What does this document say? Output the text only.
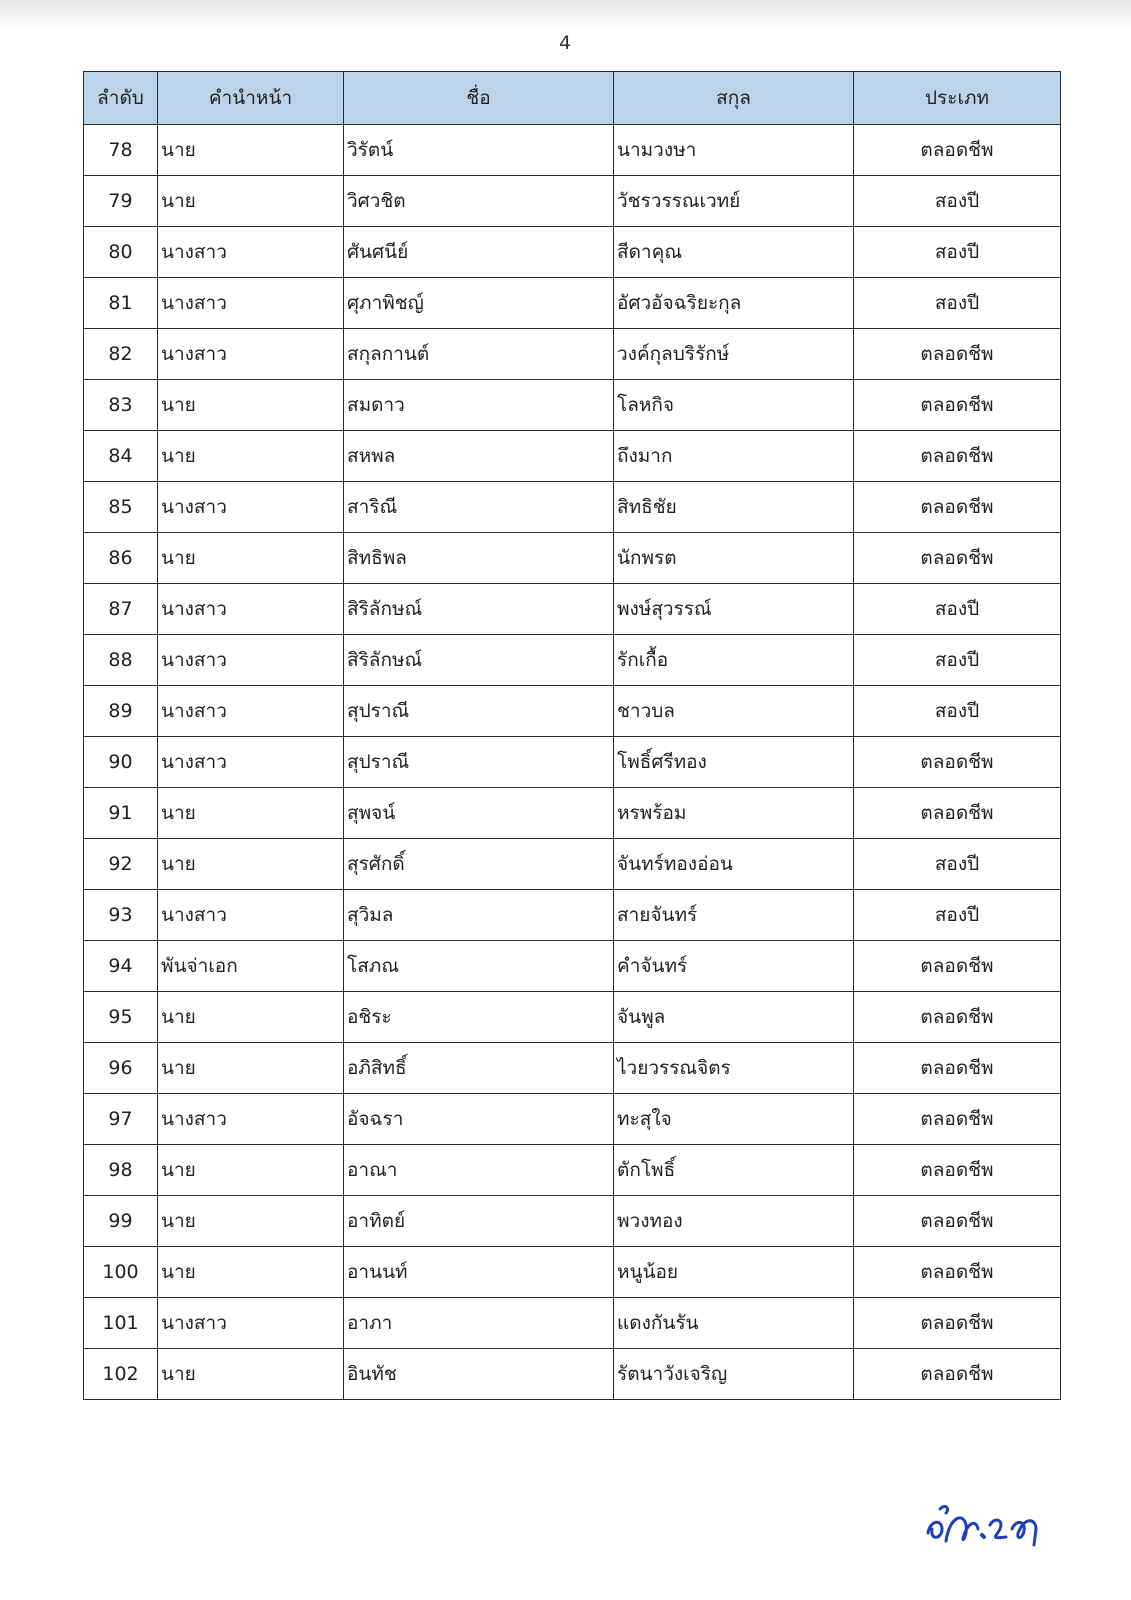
4
ลำดับ	คำนำหน้า	ชื่อ	สกุล	ประเภท
78	นาย	วิรัตน์	นามวงษา	ตลอดชีพ
79	นาย	วิศวชิต	วัชรวรรณเวทย์	สองปี
80	นางสาว	ศันศนีย์	สีดาคุณ	สองปี
81	นางสาว	ศุภาพิชญ์	อัศวอัจฉริยะกุล	สองปี
82	นางสาว	สกุลกานต์	วงค์กุลบริรักษ์	ตลอดชีพ
83	นาย	สมดาว	โลหกิจ	ตลอดชีพ
84	นาย	สหพล	ถึงมาก	ตลอดชีพ
85	นางสาว	สาริณี	สิทธิชัย	ตลอดชีพ
86	นาย	สิทธิพล	นักพรต	ตลอดชีพ
87	นางสาว	สิริลักษณ์	พงษ์สุวรรณ์	สองปี
88	นางสาว	สิริลักษณ์	รักเกื้อ	สองปี
89	นางสาว	สุปราณี	ชาวบล	สองปี
90	นางสาว	สุปราณี	โพธิ์ศรีทอง	ตลอดชีพ
91	นาย	สุพจน์	หรพร้อม	ตลอดชีพ
92	นาย	สุรศักดิ์	จันทร์ทองอ่อน	สองปี
93	นางสาว	สุวิมล	สายจันทร์	สองปี
94	พันจ่าเอก	โสภณ	คำจันทร์	ตลอดชีพ
95	นาย	อชิระ	จันพูล	ตลอดชีพ
96	นาย	อภิสิทธิ์	ไวยวรรณจิตร	ตลอดชีพ
97	นางสาว	อัจฉรา	ทะสุใจ	ตลอดชีพ
98	นาย	อาณา	ตักโพธิ์	ตลอดชีพ
99	นาย	อาทิตย์	พวงทอง	ตลอดชีพ
100	นาย	อานนท์	หนูน้อย	ตลอดชีพ
101	นางสาว	อาภา	แดงกันรัน	ตลอดชีพ
102	นาย	อินทัช	รัตนาวังเจริญ	ตลอดชีพ
